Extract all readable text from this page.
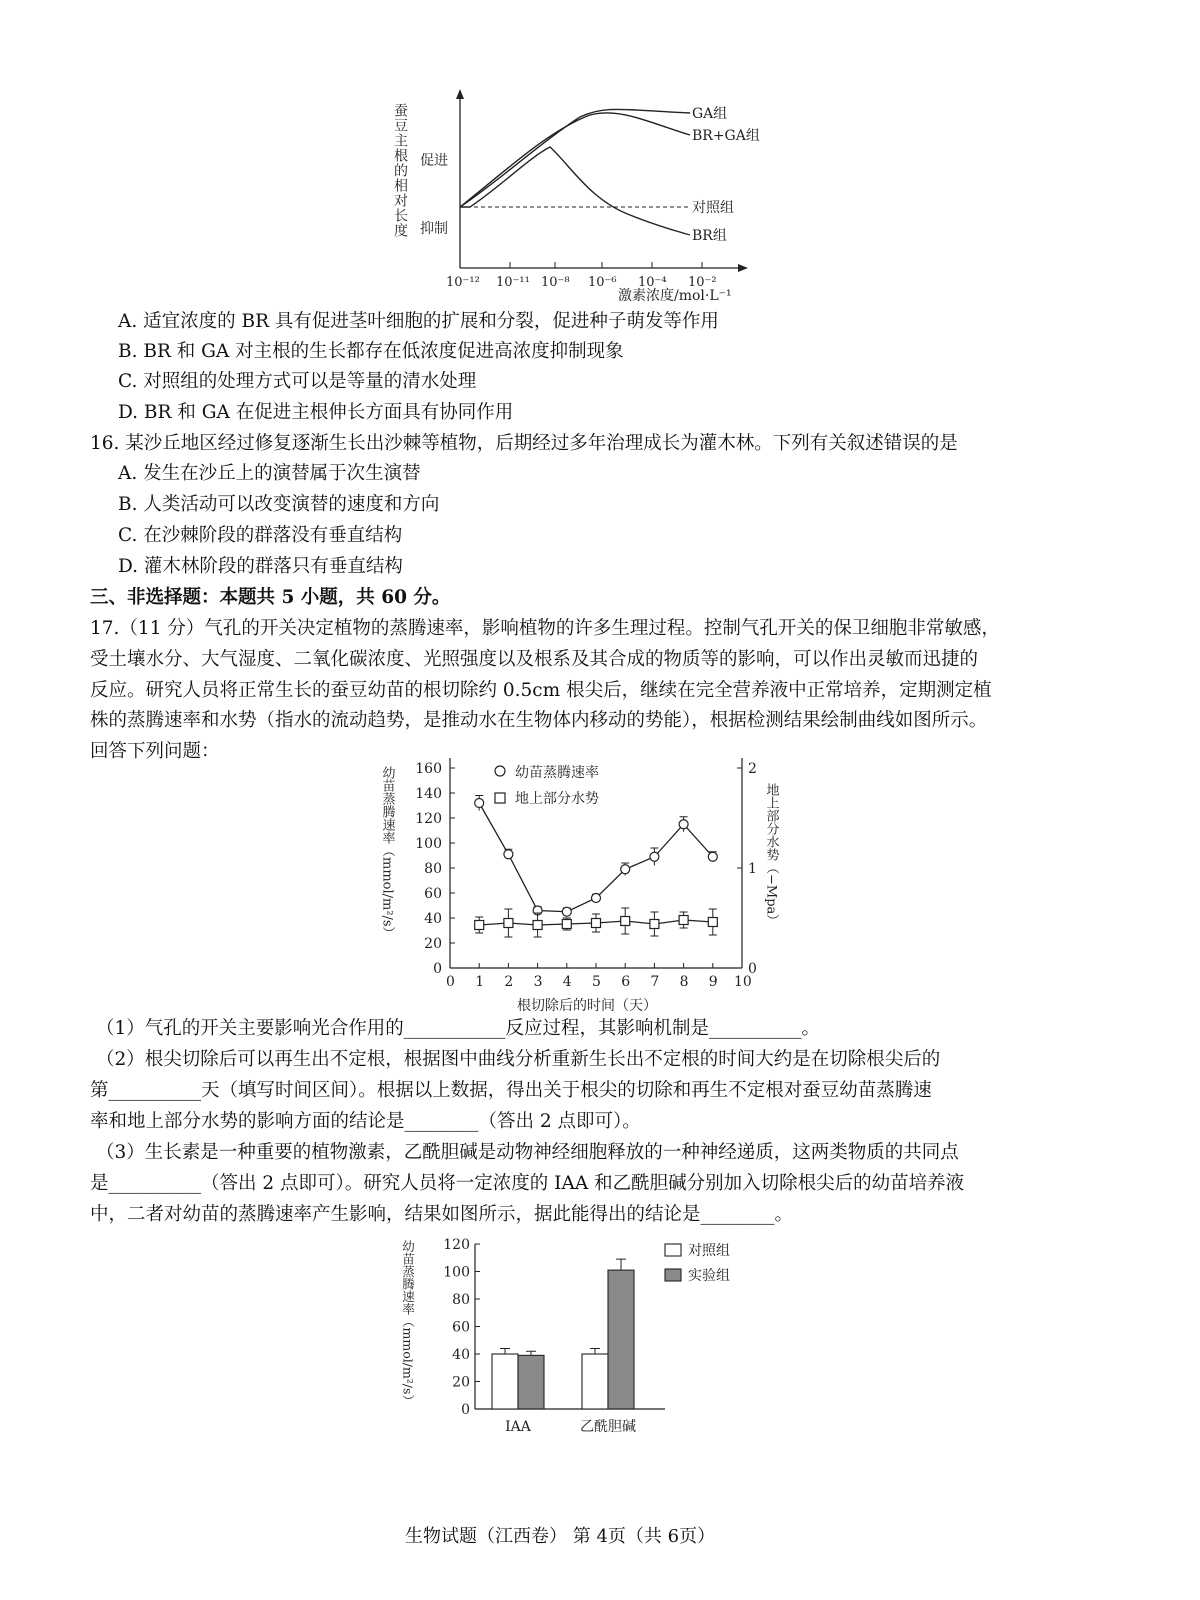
10⁻¹² 10⁻¹¹ 10⁻⁸ 10⁻⁶ 10⁻⁴ 10⁻²
GA组
BR+GA组
对照组
BR组
促进
抑制
蚕豆主根的相对长度
激素浓度/mol·L⁻¹
A. 适宜浓度的 BR 具有促进茎叶细胞的扩展和分裂，促进种子萌发等作用
B. BR 和 GA 对主根的生长都存在低浓度促进高浓度抑制现象
C. 对照组的处理方式可以是等量的清水处理
D. BR 和 GA 在促进主根伸长方面具有协同作用
16. 某沙丘地区经过修复逐渐生长出沙棘等植物，后期经过多年治理成长为灌木林。下列有关叙述错误的是
A. 发生在沙丘上的演替属于次生演替
B. 人类活动可以改变演替的速度和方向
C. 在沙棘阶段的群落没有垂直结构
D. 灌木林阶段的群落只有垂直结构
三、非选择题：本题共 5 小题，共 60 分。
17.（11 分）气孔的开关决定植物的蒸腾速率，影响植物的许多生理过程。控制气孔开关的保卫细胞非常敏感，
受土壤水分、大气湿度、二氧化碳浓度、光照强度以及根系及其合成的物质等的影响，可以作出灵敏而迅捷的
反应。研究人员将正常生长的蚕豆幼苗的根切除约 0.5cm 根尖后，继续在完全营养液中正常培养，定期测定植
株的蒸腾速率和水势（指水的流动趋势，是推动水在生物体内移动的势能），根据检测结果绘制曲线如图所示。
回答下列问题：
0 1 2 3 4 5 6 7 8 9 10
0
20
40
60
80
100
120
140
160
0
1
2
幼苗蒸腾速率
地上部分水势
幼苗蒸腾速率（mmol/m²/s）	地上部分水势（−Mpa）
根切除后的时间（天）
（1）气孔的开关主要影响光合作用的___________反应过程，其影响机制是__________。
（2）根尖切除后可以再生出不定根，根据图中曲线分析重新生长出不定根的时间大约是在切除根尖后的
第__________天（填写时间区间）。根据以上数据，得出关于根尖的切除和再生不定根对蚕豆幼苗蒸腾速
率和地上部分水势的影响方面的结论是________（答出 2 点即可）。
（3）生长素是一种重要的植物激素，乙酰胆碱是动物神经细胞释放的一种神经递质，这两类物质的共同点
是__________（答出 2 点即可）。研究人员将一定浓度的 IAA 和乙酰胆碱分别加入切除根尖后的幼苗培养液
中，二者对幼苗的蒸腾速率产生影响，结果如图所示，据此能得出的结论是________。
0
20
40
60
80
100
120
IAA	乙酰胆碱
对照组
实验组
幼苗蒸腾速率（mmol/m²/s）
生物试题（江西卷） 第 4页（共 6页）
